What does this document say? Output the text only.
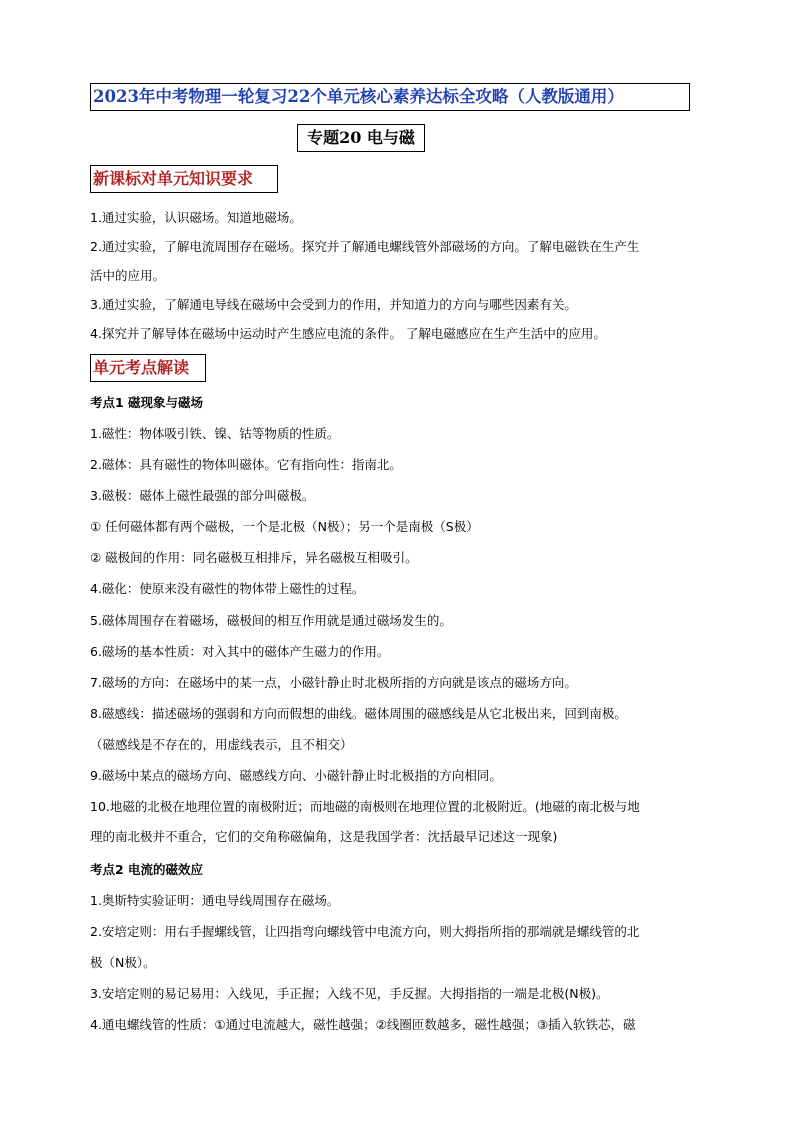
2023年中考物理一轮复习22个单元核心素养达标全攻略（人教版通用）
专题20 电与磁
新课标对单元知识要求
1.通过实验，认识磁场。知道地磁场。
2.通过实验，了解电流周围存在磁场。探究并了解通电螺线管外部磁场的方向。了解电磁铁在生产生
活中的应用。
3.通过实验，了解通电导线在磁场中会受到力的作用，并知道力的方向与哪些因素有关。
4.探究并了解导体在磁场中运动时产生感应电流的条件。 了解电磁感应在生产生活中的应用。
单元考点解读
考点1 磁现象与磁场
1.磁性：物体吸引铁、镍、钴等物质的性质。
2.磁体：具有磁性的物体叫磁体。它有指向性：指南北。
3.磁极：磁体上磁性最强的部分叫磁极。
① 任何磁体都有两个磁极，一个是北极（N极）；另一个是南极（S极）
② 磁极间的作用：同名磁极互相排斥，异名磁极互相吸引。
4.磁化：使原来没有磁性的物体带上磁性的过程。
5.磁体周围存在着磁场，磁极间的相互作用就是通过磁场发生的。
6.磁场的基本性质：对入其中的磁体产生磁力的作用。
7.磁场的方向：在磁场中的某一点，小磁针静止时北极所指的方向就是该点的磁场方向。
8.磁感线：描述磁场的强弱和方向而假想的曲线。磁体周围的磁感线是从它北极出来，回到南极。
（磁感线是不存在的，用虚线表示，且不相交）
9.磁场中某点的磁场方向、磁感线方向、小磁针静止时北极指的方向相同。
10.地磁的北极在地理位置的南极附近；而地磁的南极则在地理位置的北极附近。(地磁的南北极与地
理的南北极并不重合，它们的交角称磁偏角，这是我国学者：沈括最早记述这一现象)
考点2 电流的磁效应
1.奥斯特实验证明：通电导线周围存在磁场。
2.安培定则：用右手握螺线管，让四指弯向螺线管中电流方向，则大拇指所指的那端就是螺线管的北
极（N极）。
3.安培定则的易记易用：入线见，手正握；入线不见，手反握。大拇指指的一端是北极(N极)。
4.通电螺线管的性质：①通过电流越大，磁性越强；②线圈匝数越多，磁性越强；③插入软铁芯，磁
